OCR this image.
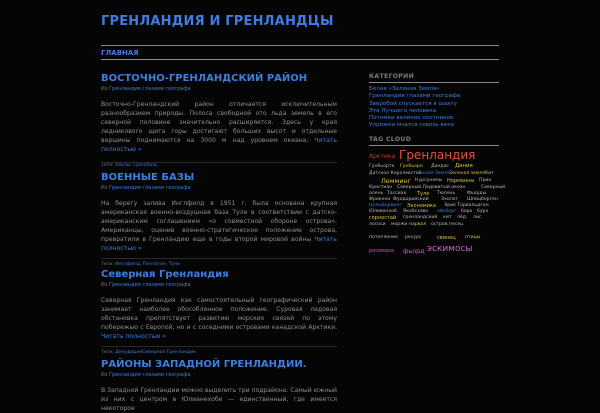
ГРЕНЛАНДИЯ И ГРЕНЛАНДЦЫ
ГЛАВНАЯ
ВОСТОЧНО-ГРЕНЛАНДСКИЙ РАЙОН
Из Гренландия глазами географа
Восточно-Гренландский район отличается исключительным разнообразием природы. Полоса свободной ото льда земель в его северной половине значительно расширяется. Здесь у края ледникового щита горы достигают больших высот и отдельные вершины поднимаются на 3000 м над уровнем океана. Читать полностью »
Теги: Альпы, Гренланд
ВОЕННЫЕ БАЗЫ
Из Гренландия глазами географа
На берегу залива Инглфилд в 1951 г. была основана крупная американская военно-воздушная база Туле в соответствии с датско-американским соглашением «о совместной обороне острова». Американцы, оценив военно-стратегическое положение острова, превратили в Гренландию еще в годы второй мировой войны Читать полностью »
Теги: Инглфилд, Пентагон, Туле
Северная Гренландия
Из Гренландия глазами географа
Северная Гренландия как самостоятельный географический район занимает наиболее обособленное положение. Суровая ледовая обстановка препятствует развитию морских связей по этому побережью с Европой, но и с соседними островами канадской Арктики. Читать полностью »
Теги: ДенудацияСеверная Гренландия
РАЙОНЫ ЗАПАДНОЙ ГРЕНЛАНДИИ.
Из Гренландия глазами географа
В Западной Гренландии можно выделить три подрайона. Самый южный из них с центром в Юлианехобе — единственный, где имеется некоторое
КАТЕГОРИИ
Белая «Зеленая Земля»
Гренландия глазами географа
Зверобой спускается в шахту
Эта Лучшего человека
Потомки великих охотников
Упряжки мчатся сквозь века
TAG CLOUD
Арктика Гренландия
Гунбьорта Гунбьорн Дандас Дания
Датское Королевство
Белая Земля Зеленая земля Кит
Лемминг Нурсунемы Норманны Прин
Кристиан Северный Ледовитый океан	Северный
олень Тассиак Туле Тюлень	Фьорды
Фрикено Фуодорийский	Эхолот Шпицберген
Цельфорвинг Экономика Эрик Торвальдсен
Юливенхоб Якобсхавн айсберг боро бурх
горностай гренландский кит лёд лис
лососи моржи нарвал остров песец
потепление ресурс	свинец птицы
росомаха фьорд эскимосы
